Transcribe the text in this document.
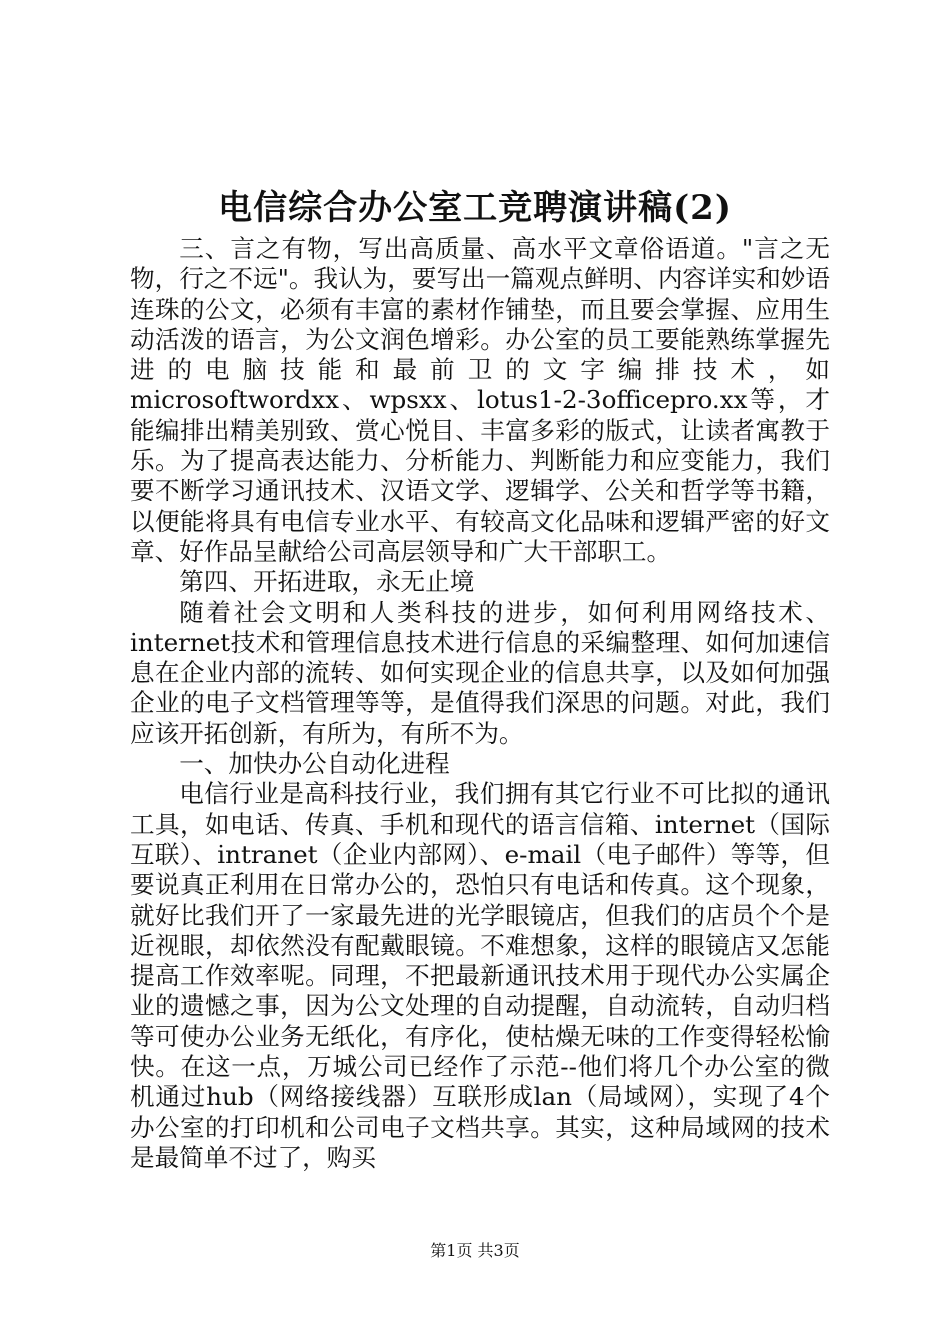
电信综合办公室工竞聘演讲稿(2)

三、言之有物，写出高质量、高水平文章俗语道。"言之无物，行之不远"。我认为，要写出一篇观点鲜明、内容详实和妙语连珠的公文，必须有丰富的素材作铺垫，而且要会掌握、应用生动活泼的语言，为公文润色增彩。办公室的员工要能熟练掌握先进的电脑技能和最前卫的文字编排技术，如microsoftwordxx、wpsxx、lotus1-2-3officepro.xx等，才能编排出精美别致、赏心悦目、丰富多彩的版式，让读者寓教于乐。为了提高表达能力、分析能力、判断能力和应变能力，我们要不断学习通讯技术、汉语文学、逻辑学、公关和哲学等书籍，以便能将具有电信专业水平、有较高文化品味和逻辑严密的好文章、好作品呈献给公司高层领导和广大干部职工。

第四、开拓进取，永无止境

随着社会文明和人类科技的进步，如何利用网络技术、internet技术和管理信息技术进行信息的采编整理、如何加速信息在企业内部的流转、如何实现企业的信息共享，以及如何加强企业的电子文档管理等等，是值得我们深思的问题。对此，我们应该开拓创新，有所为，有所不为。

一、加快办公自动化进程

电信行业是高科技行业，我们拥有其它行业不可比拟的通讯工具，如电话、传真、手机和现代的语言信箱、internet（国际互联）、intranet（企业内部网）、e-mail（电子邮件）等等，但要说真正利用在日常办公的，恐怕只有电话和传真。这个现象，就好比我们开了一家最先进的光学眼镜店，但我们的店员个个是近视眼，却依然没有配戴眼镜。不难想象，这样的眼镜店又怎能提高工作效率呢。同理，不把最新通讯技术用于现代办公实属企业的遗憾之事，因为公文处理的自动提醒，自动流转，自动归档等可使办公业务无纸化，有序化，使枯燥无味的工作变得轻松愉快。在这一点，万城公司已经作了示范--他们将几个办公室的微机通过hub（网络接线器）互联形成lan（局域网），实现了4个办公室的打印机和公司电子文档共享。其实，这种局域网的技术是最简单不过了，购买

第1页 共3页
